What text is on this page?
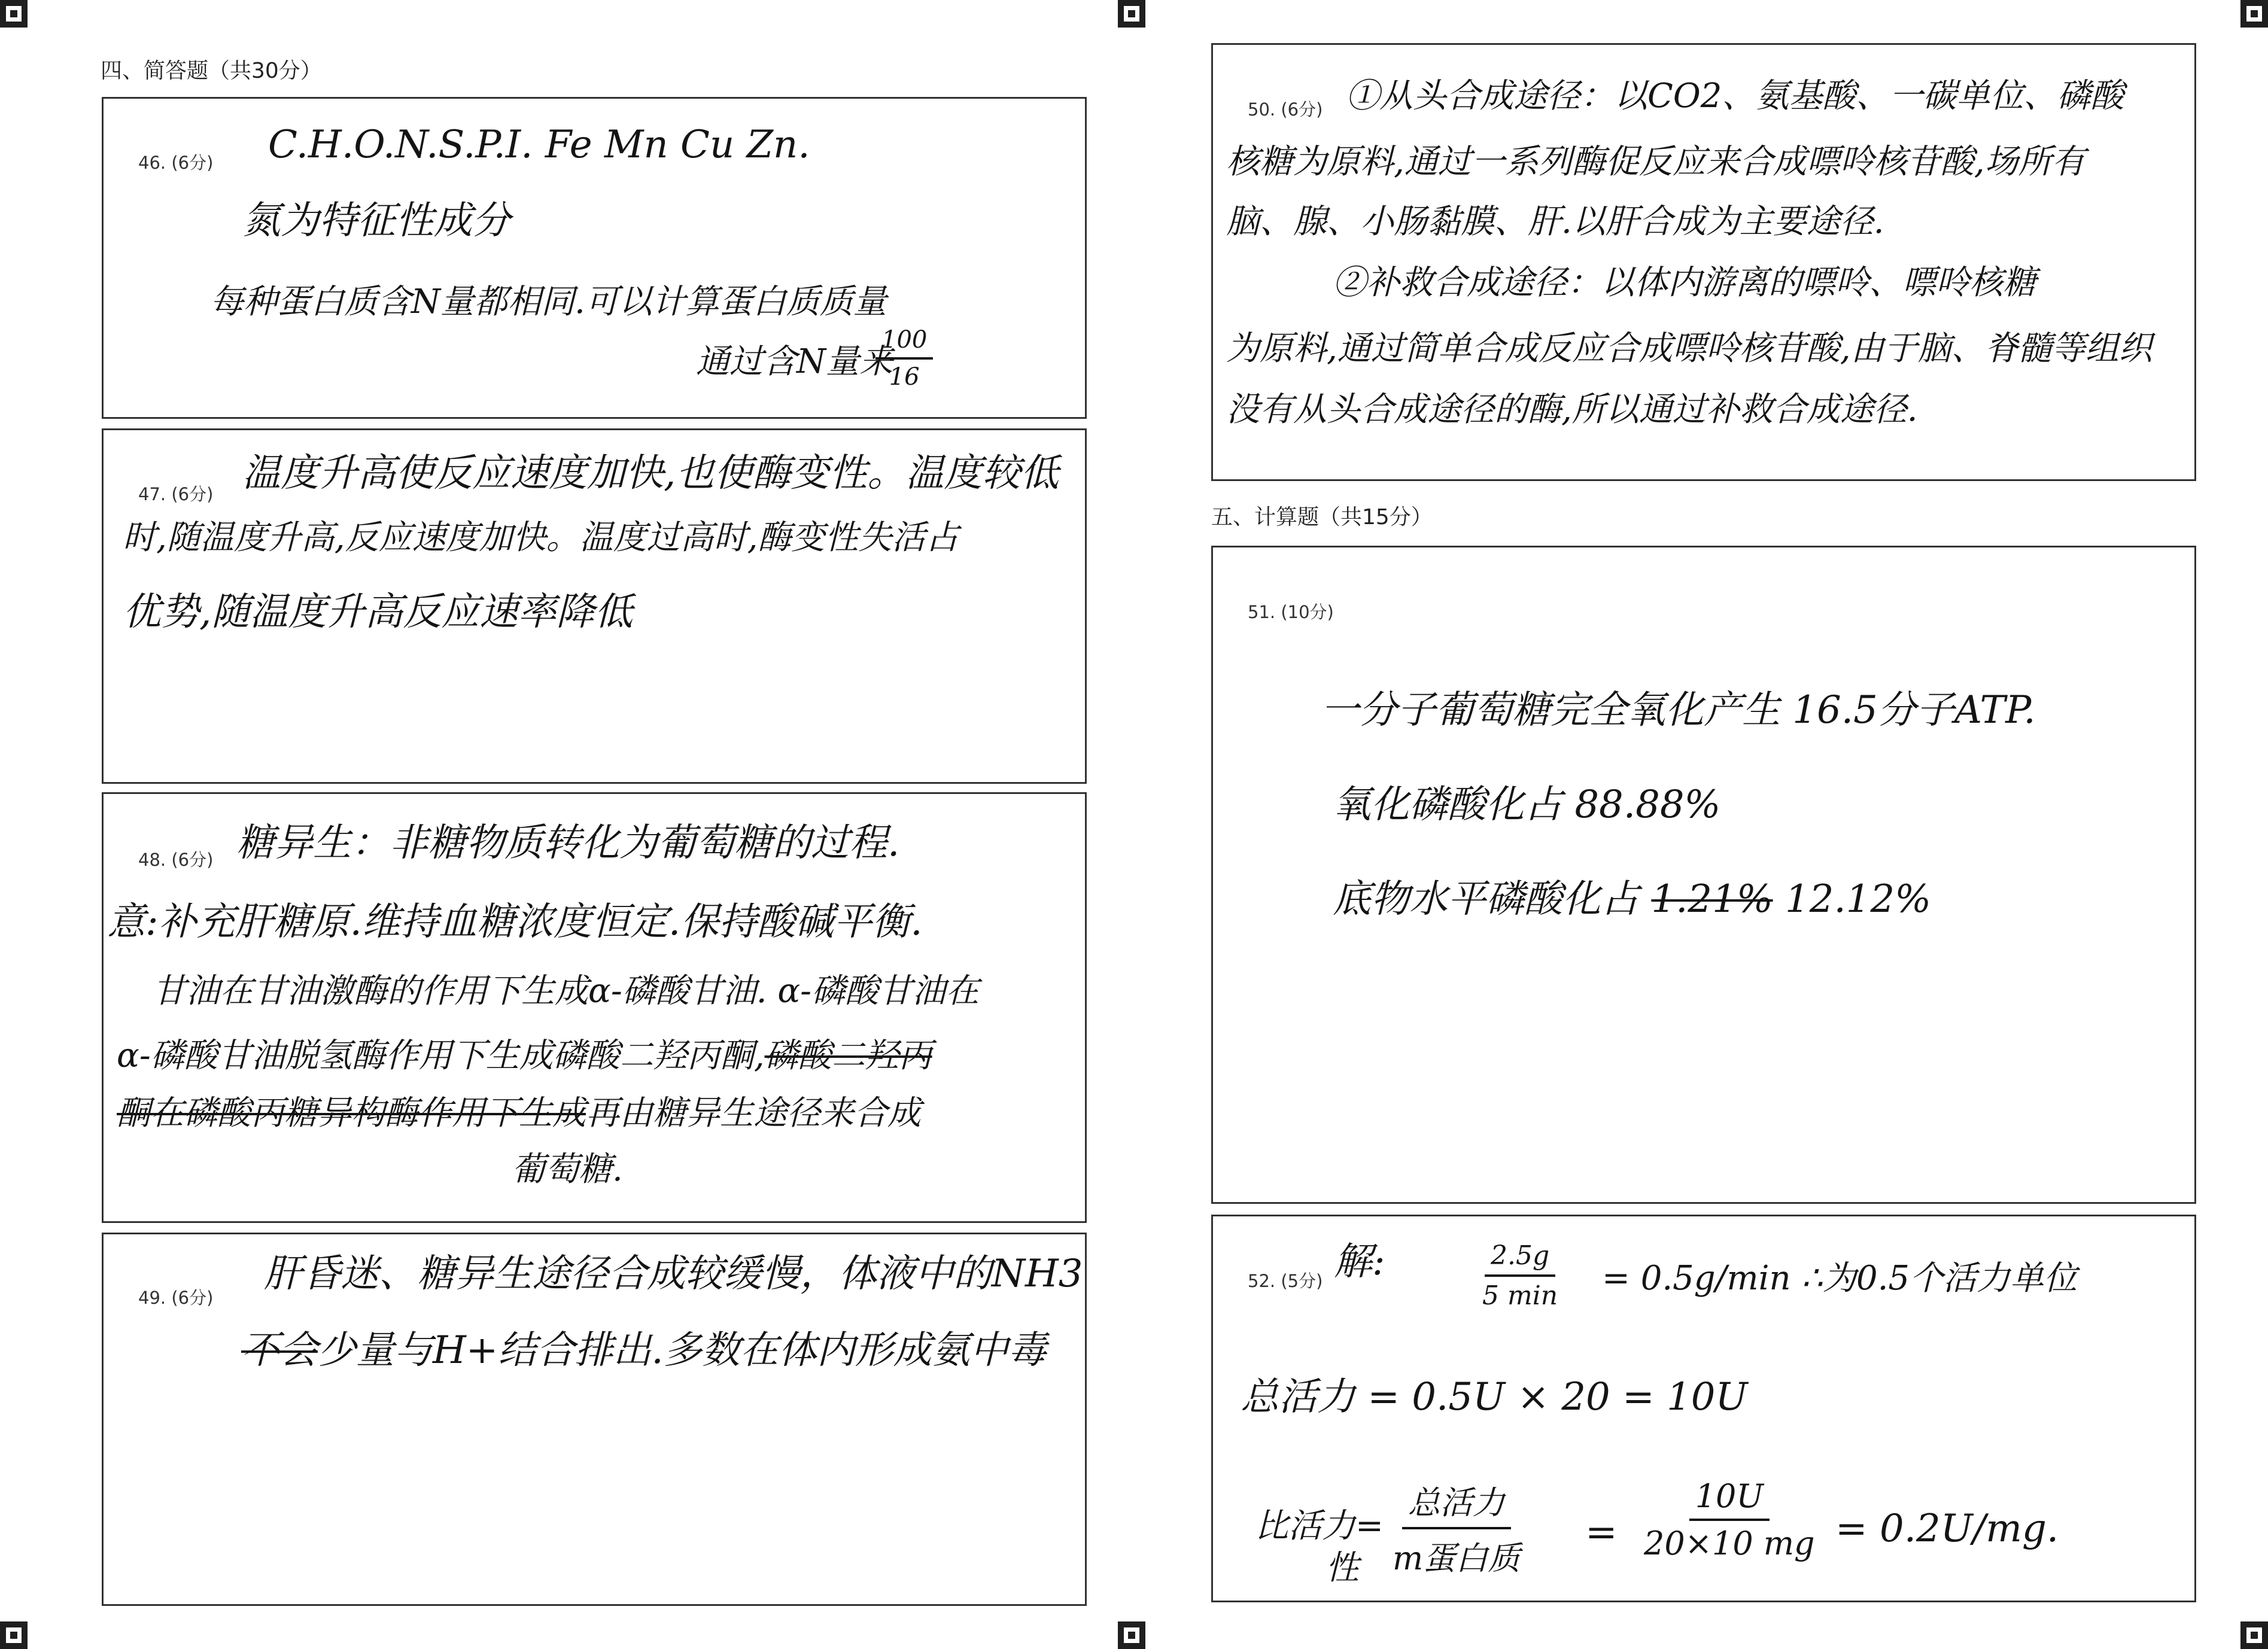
四、简答题（共30分）
五、计算题（共15分）
46. (6分) C.H.O.N.S.P.I. Fe Mn Cu Zn.
氮为特征性成分
每种蛋白质含N量都相同.可以计算蛋白质质量
通过含N量来
$\frac{100}{16}$
47. (6分) 温度升高使反应速度加快,也使酶变性。温度较低
时,随温度升高,反应速度加快。温度过高时,酶变性失活占
优势,随温度升高反应速率降低
48. (6分) 糖异生：非糖物质转化为葡萄糖的过程.
意:补充肝糖原.维持血糖浓度恒定.保持酸碱平衡.
甘油在甘油激酶的作用下生成α-磷酸甘油. α-磷酸甘油在
α-磷酸甘油脱氢酶作用下生成磷酸二羟丙酮,磷酸二羟丙
酮在磷酸丙糖异构酶作用下生成再由糖异生途径来合成
葡萄糖.
49. (6分)
肝昏迷、糖异生途径合成较缓慢，体液中的NH3
不会少量与H+结合排出.多数在体内形成氨中毒
50. (6分) ①从头合成途径：以CO2、氨基酸、一碳单位、磷酸
核糖为原料,通过一系列酶促反应来合成嘌呤核苷酸,场所有
脑、腺、小肠黏膜、肝.以肝合成为主要途径.
②补救合成途径：以体内游离的嘌呤、嘌呤核糖
为原料,通过简单合成反应合成嘌呤核苷酸,由于脑、脊髓等组织
没有从头合成途径的酶,所以通过补救合成途径.
51. (10分)
一分子葡萄糖完全氧化产生 16.5分子ATP.
氧化磷酸化占 88.88%
底物水平磷酸化占 1.21% 12.12%
52. (5分) 解:	2.5g
5 min = 0.5g/min ∴为0.5个活力单位
总活力 = 0.5U × 20 = 10U
比活力=
性
总活力
m蛋白质
= $\frac{10U}{20\times 10 mg} = 0.2U/mg$.
